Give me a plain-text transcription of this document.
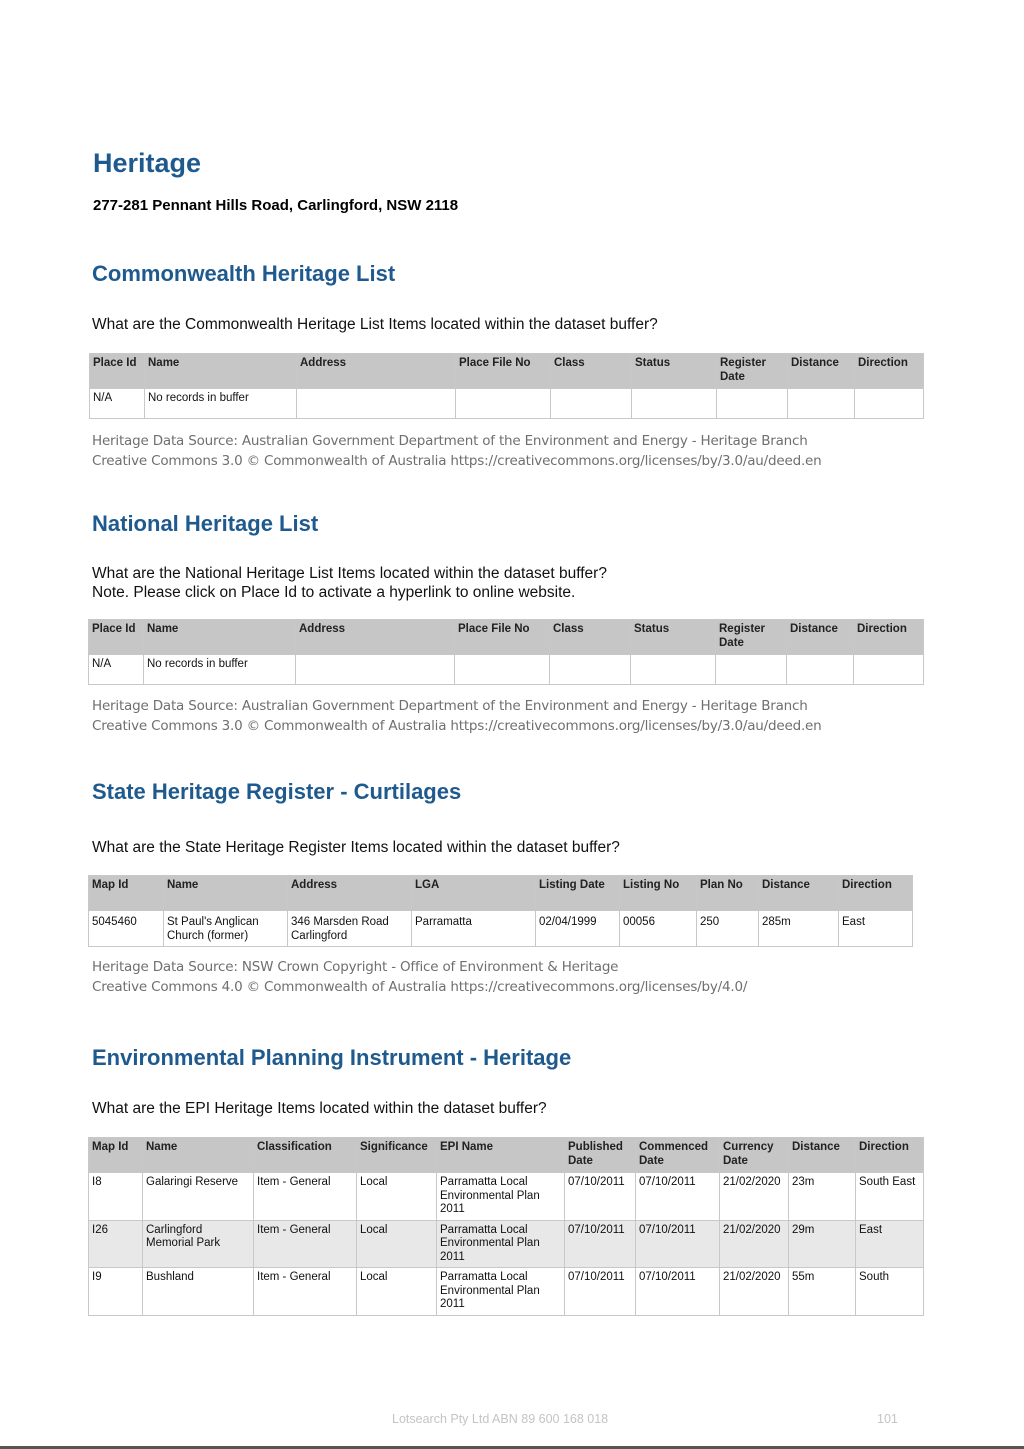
Heritage
277-281 Pennant Hills Road, Carlingford, NSW 2118
Commonwealth Heritage List
What are the Commonwealth Heritage List Items located within the dataset buffer?
Place Id	Name	Address	Place File No	Class	Status	Register Date	Distance	Direction
N/A	No records in buffer							
Heritage Data Source: Australian Government Department of the Environment and Energy - Heritage Branch
Creative Commons 3.0 © Commonwealth of Australia https://creativecommons.org/licenses/by/3.0/au/deed.en
National Heritage List
What are the National Heritage List Items located within the dataset buffer?
Note. Please click on Place Id to activate a hyperlink to online website.
Place Id	Name	Address	Place File No	Class	Status	Register Date	Distance	Direction
N/A	No records in buffer							
Heritage Data Source: Australian Government Department of the Environment and Energy - Heritage Branch
Creative Commons 3.0 © Commonwealth of Australia https://creativecommons.org/licenses/by/3.0/au/deed.en
State Heritage Register - Curtilages
What are the State Heritage Register Items located within the dataset buffer?
Map Id	Name	Address	LGA	Listing Date	Listing No	Plan No	Distance	Direction
5045460	St Paul's Anglican Church (former)	346 Marsden Road Carlingford	Parramatta	02/04/1999	00056	250	285m	East
Heritage Data Source: NSW Crown Copyright - Office of Environment & Heritage
Creative Commons 4.0 © Commonwealth of Australia https://creativecommons.org/licenses/by/4.0/
Environmental Planning Instrument - Heritage
What are the EPI Heritage Items located within the dataset buffer?
Map Id	Name	Classification	Significance	EPI Name	Published Date	Commenced Date	Currency Date	Distance	Direction
I8	Galaringi Reserve	Item - General	Local	Parramatta Local Environmental Plan 2011	07/10/2011	07/10/2011	21/02/2020	23m	South East
I26	Carlingford Memorial Park	Item - General	Local	Parramatta Local Environmental Plan 2011	07/10/2011	07/10/2011	21/02/2020	29m	East
I9	Bushland	Item - General	Local	Parramatta Local Environmental Plan 2011	07/10/2011	07/10/2011	21/02/2020	55m	South
Lotsearch Pty Ltd ABN 89 600 168 018	101
